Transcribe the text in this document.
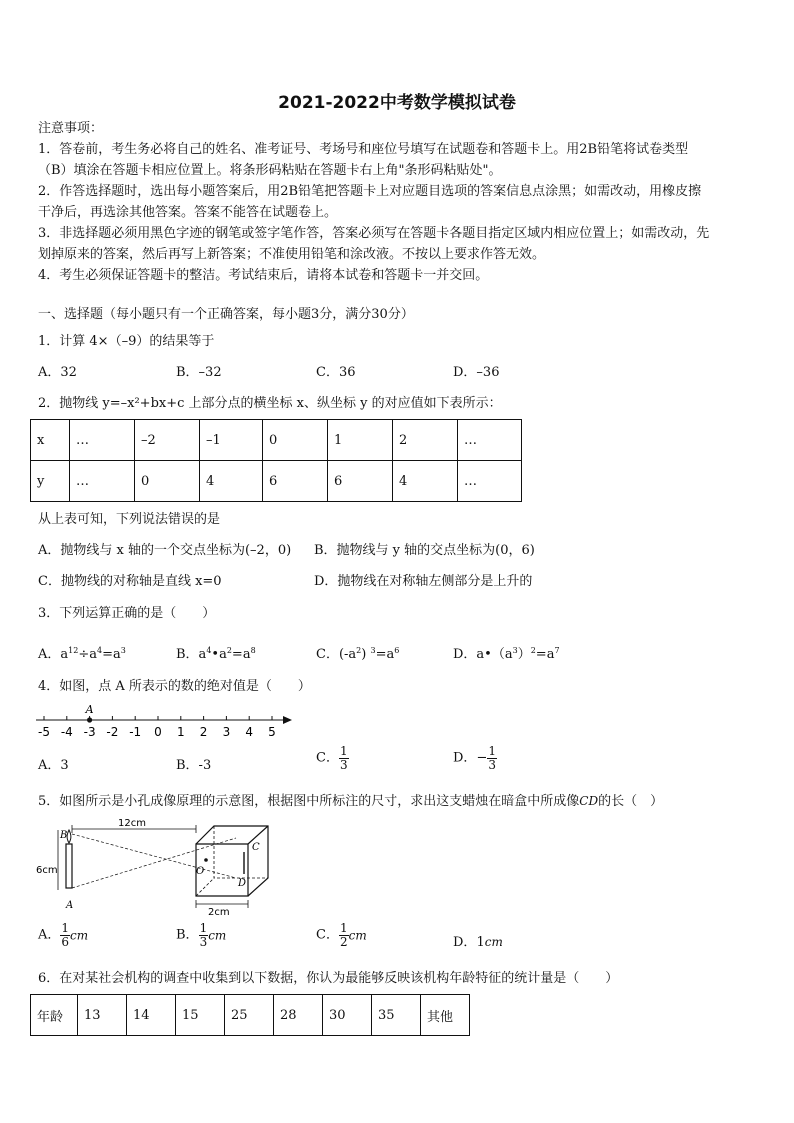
2021-2022中考数学模拟试卷
注意事项：
1．答卷前，考生务必将自己的姓名、准考证号、考场号和座位号填写在试题卷和答题卡上。用2B铅笔将试卷类型
（B）填涂在答题卡相应位置上。将条形码粘贴在答题卡右上角"条形码粘贴处"。
2．作答选择题时，选出每小题答案后，用2B铅笔把答题卡上对应题目选项的答案信息点涂黑；如需改动，用橡皮擦
干净后，再选涂其他答案。答案不能答在试题卷上。
3．非选择题必须用黑色字迹的钢笔或签字笔作答，答案必须写在答题卡各题目指定区域内相应位置上；如需改动，先
划掉原来的答案，然后再写上新答案；不准使用铅笔和涂改液。不按以上要求作答无效。
4．考生必须保证答题卡的整洁。考试结束后，请将本试卷和答题卡一并交回。
一、选择题（每小题只有一个正确答案，每小题3分，满分30分）
1．计算 4×（–9）的结果等于
A．32	B．–32	C．36	D．–36
2．抛物线 y=–x²+bx+c 上部分点的横坐标 x、纵坐标 y 的对应值如下表所示：
x	…	–2	–1	0	1	2	…
y	…	0	4	6	6	4	…
从上表可知，下列说法错误的是
A．抛物线与 x 轴的一个交点坐标为(–2，0) B．抛物线与 y 轴的交点坐标为(0，6)
C．抛物线的对称轴是直线 x=0	D．抛物线在对称轴左侧部分是上升的
3．下列运算正确的是（　　）
A．$a^{12}\div a^4=a^3$	B．$a^4•a^2=a^8$	C．$(-a^2)$ $^3=a^6$	D．$a•(a^3)^2=a^7$
4．如图，点 A 所表示的数的绝对值是（　　）
-5 -4 -3 -2 -1 0 1 2 3 4 5
A
A．3	B．-3	C． $\frac{1}{3}$	D．− $\frac{1}{3}$
5．如图所示是小孔成像原理的示意图，根据图中所标注的尺寸，求出这支蜡烛在暗盒中所成像CD的长（　）
B
A
6cm
12cm
O
C
D
2cm
A． $\frac{1}{6}$ cm	B． $\frac{1}{3}$ cm	C． $\frac{1}{2}$ cm	D．1cm
6．在对某社会机构的调查中收集到以下数据，你认为最能够反映该机构年龄特征的统计量是（　　）
年龄	13	14	15	25	28	30	35	其他
